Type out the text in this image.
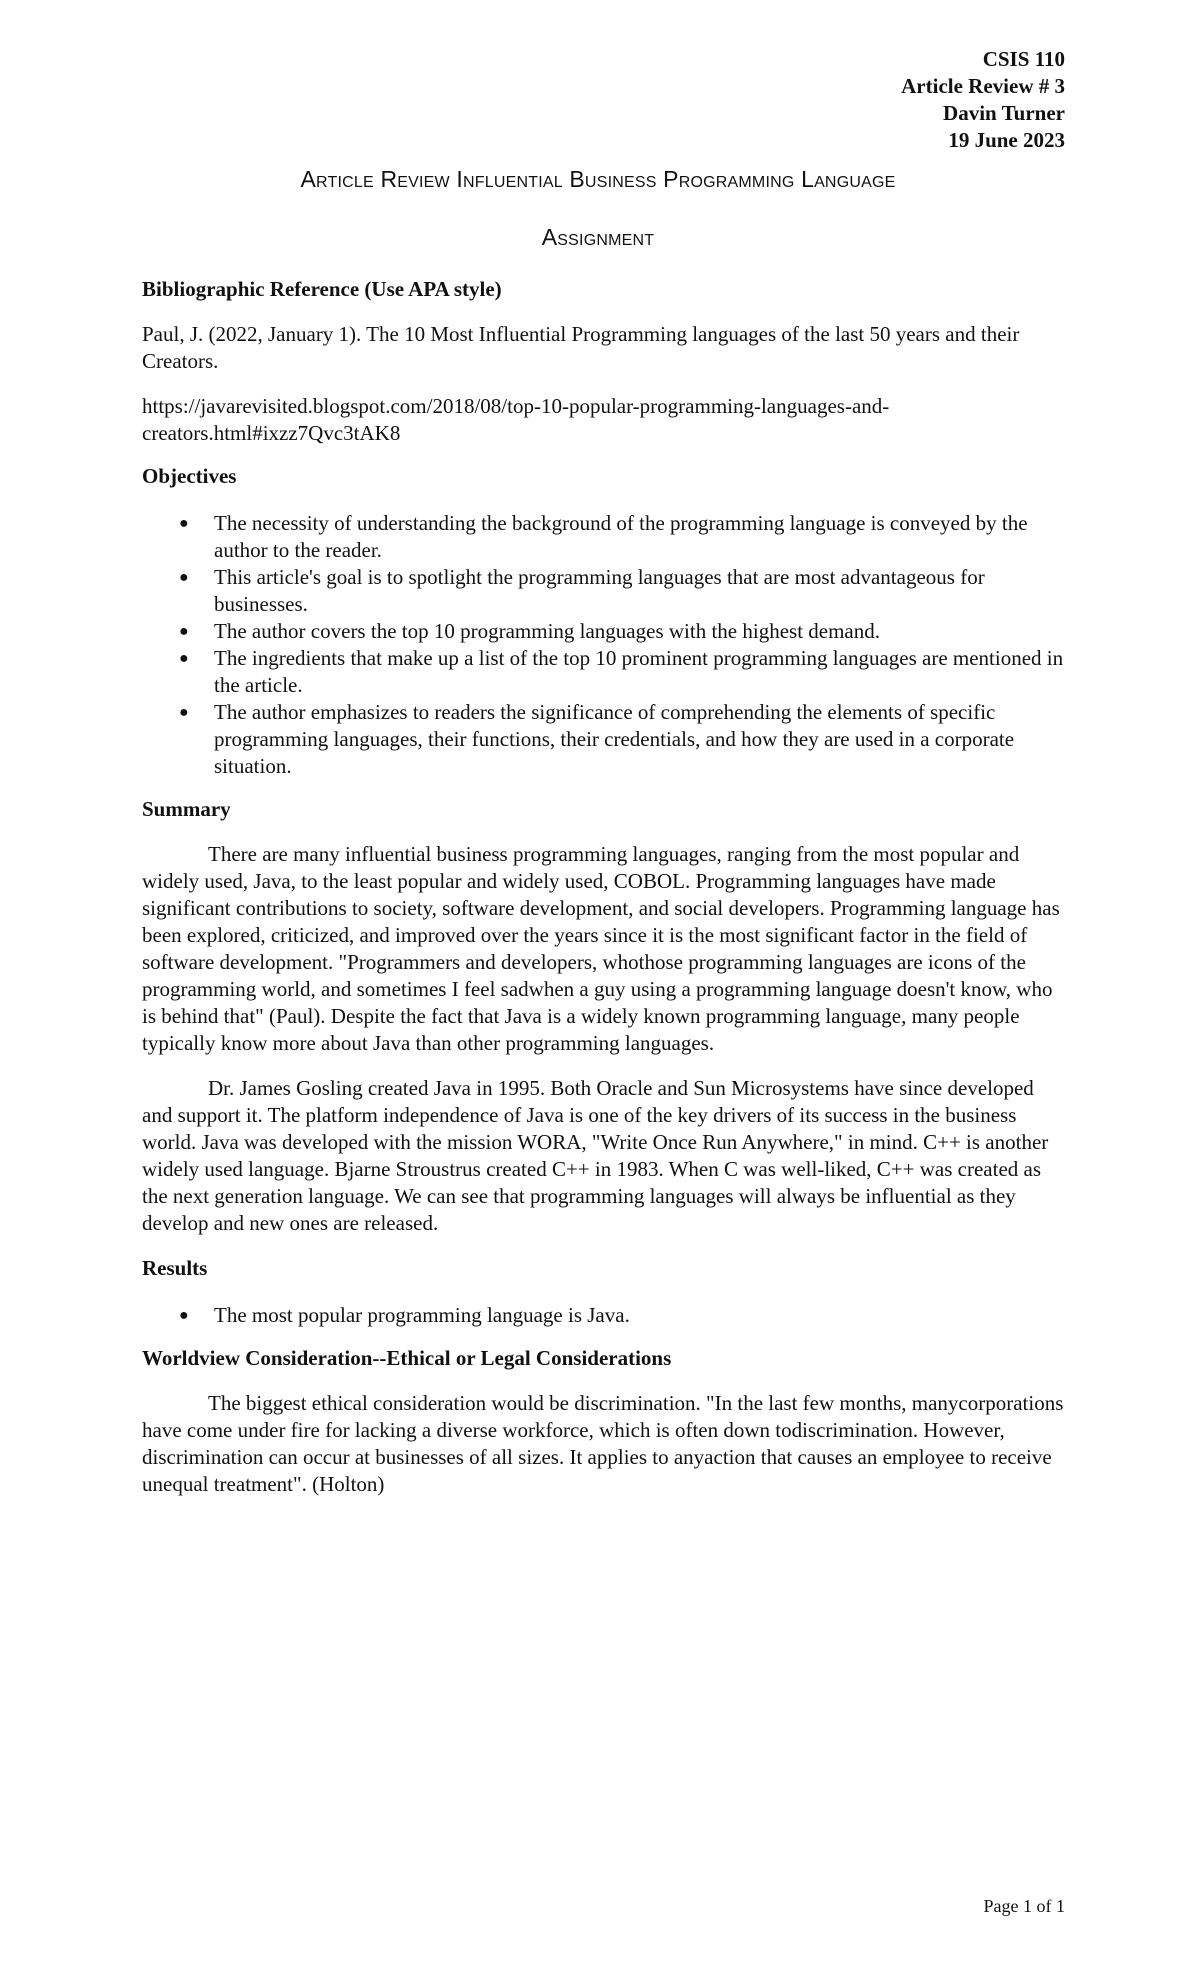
CSIS 110
Article Review # 3
Davin Turner
19 June 2023
Article Review Influential Business Programming Language
Assignment

Bibliographic Reference (Use APA style)

Paul, J. (2022, January 1). The 10 Most Influential Programming languages of the last 50 years and their Creators.

https://javarevisited.blogspot.com/2018/08/top-10-popular-programming-languages-and-creators.html#ixzz7Qvc3tAK8

Objectives

● The necessity of understanding the background of the programming language is conveyed by the author to the reader.
● This article's goal is to spotlight the programming languages that are most advantageous for businesses.
● The author covers the top 10 programming languages with the highest demand.
● The ingredients that make up a list of the top 10 prominent programming languages are mentioned in the article.
● The author emphasizes to readers the significance of comprehending the elements of specific programming languages, their functions, their credentials, and how they are used in a corporate situation.

Summary

There are many influential business programming languages, ranging from the most popular and widely used, Java, to the least popular and widely used, COBOL. Programming languages have made significant contributions to society, software development, and social developers. Programming language has been explored, criticized, and improved over the years since it is the most significant factor in the field of software development. "Programmers and developers, whothose programming languages are icons of the programming world, and sometimes I feel sadwhen a guy using a programming language doesn't know, who is behind that" (Paul). Despite the fact that Java is a widely known programming language, many people typically know more about Java than other programming languages.

Dr. James Gosling created Java in 1995. Both Oracle and Sun Microsystems have since developed and support it. The platform independence of Java is one of the key drivers of its success in the business world. Java was developed with the mission WORA, "Write Once Run Anywhere," in mind. C++ is another widely used language. Bjarne Stroustrus created C++ in 1983. When C was well-liked, C++ was created as the next generation language. We can see that programming languages will always be influential as they develop and new ones are released.

Results

● The most popular programming language is Java.

Worldview Consideration--Ethical or Legal Considerations

The biggest ethical consideration would be discrimination. "In the last few months, manycorporations have come under fire for lacking a diverse workforce, which is often down todiscrimination. However, discrimination can occur at businesses of all sizes. It applies to anyaction that causes an employee to receive unequal treatment". (Holton)

Page 1 of 1
